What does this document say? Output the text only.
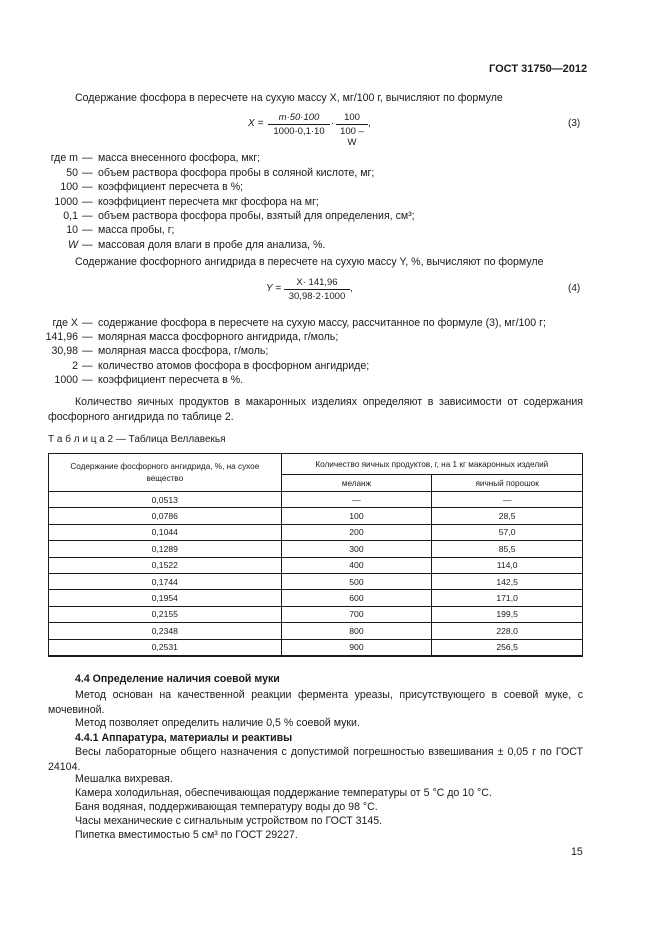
ГОСТ 31750—2012
Содержание фосфора в пересчете на сухую массу X, мг/100 г, вычисляют по формуле
$X = \frac{m\cdot 50\cdot 100}{1000\cdot 0,1\cdot 10} \cdot \frac{100}{100 - W}$ ,	(3)
где m — масса внесенного фосфора, мкг;
50 — объем раствора фосфора пробы в соляной кислоте, мг;
100 — коэффициент пересчета в %;
1000 — коэффициент пересчета мкг фосфора на мг;
0,1 — объем раствора фосфора пробы, взятый для определения, см³;
10 — масса пробы, г;
W — массовая доля влаги в пробе для анализа, %.
Содержание фосфорного ангидрида в пересчете на сухую массу Y, %, вычисляют по формуле
$Y = \frac{X\cdot 141,96}{30,98\cdot 2\cdot 1000}$ ,	(4)
где X — содержание фосфора в пересчете на сухую массу, рассчитанное по формуле (3), мг/100 г;
141,96 — молярная масса фосфорного ангидрида, г/моль;
30,98 — молярная масса фосфора, г/моль;
2 — количество атомов фосфора в фосфорном ангидриде;
1000 — коэффициент пересчета в %.
Количество яичных продуктов в макаронных изделиях определяют в зависимости от содержания фосфорного ангидрида по таблице 2.
Т а б л и ц а 2 — Таблица Веллавекья
Содержание фосфорного ангидрида, %, на сухое вещество	Количество яичных продуктов, г, на 1 кг макаронных изделий	
	меланж	яичный порошок
0,0513	—	—
0,0786	100	28,5
0,1044	200	57,0
0,1289	300	85,5
0,1522	400	114,0
0,1744	500	142,5
0,1954	600	171,0
0,2155	700	199,5
0,2348	800	228,0
0,2531	900	256,5
4.4 Определение наличия соевой муки
Метод основан на качественной реакции фермента уреазы, присутствующего в соевой муке, с мочевиной.
Метод позволяет определить наличие 0,5 % соевой муки.
4.4.1 Аппаратура, материалы и реактивы
Весы лабораторные общего назначения с допустимой погрешностью взвешивания ± 0,05 г по ГОСТ 24104.
Мешалка вихревая.
Камера холодильная, обеспечивающая поддержание температуры от 5 °С до 10 °С.
Баня водяная, поддерживающая температуру воды до 98 °С.
Часы механические с сигнальным устройством по ГОСТ 3145.
Пипетка вместимостью 5 см³ по ГОСТ 29227.
15
